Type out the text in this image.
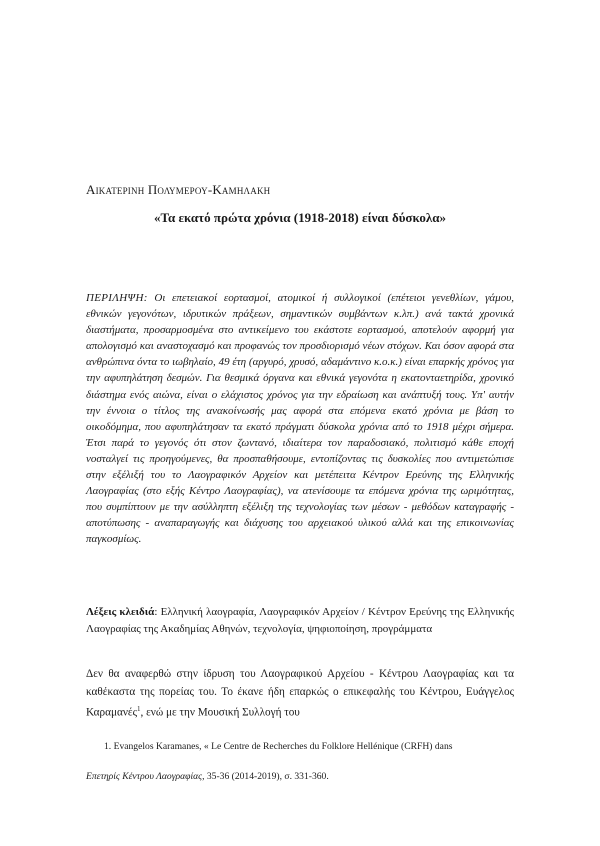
Αικατερινη Πολυμερου-Καμηλακη
«Τα εκατό πρώτα χρόνια (1918-2018) είναι δύσκολα»
ΠΕΡΙΛΗΨΗ: Οι επετειακοί εορτασμοί, ατομικοί ή συλλογικοί (επέτειοι γενεθλίων, γάμου, εθνικών γεγονότων, ιδρυτικών πράξεων, σημαντικών συμβάντων κ.λπ.) ανά τακτά χρονικά διαστήματα, προσαρμοσμένα στο αντικείμενο του εκάστοτε εορτασμού, αποτελούν αφορμή για απολογισμό και αναστοχασμό και προφανώς τον προσδιορισμό νέων στόχων. Και όσον αφορά στα ανθρώπινα όντα το ιωβηλαίο, 49 έτη (αργυρό, χρυσό, αδαμάντινο κ.ο.κ.) είναι επαρκής χρόνος για την αφυπηλάτηση δεσμών. Για θεσμικά όργανα και εθνικά γεγονότα η εκατονταετηρίδα, χρονικό διάστημα ενός αιώνα, είναι ο ελάχιστος χρόνος για την εδραίωση και ανάπτυξή τους. Υπ' αυτήν την έννοια ο τίτλος της ανακοίνωσής μας αφορά στα επόμενα εκατό χρόνια με βάση το οικοδόμημα, που αφυπηλάτησαν τα εκατό πράγματι δύσκολα χρόνια από το 1918 μέχρι σήμερα. Έτσι παρά το γεγονός ότι στον ζωντανό, ιδιαίτερα τον παραδοσιακό, πολιτισμό κάθε εποχή νοσταλγεί τις προηγούμενες, θα προσπαθήσουμε, εντοπίζοντας τις δυσκολίες που αντιμετώπισε στην εξέλιξή του το Λαογραφικόν Αρχείον και μετέπειτα Κέντρον Ερεύνης της Ελληνικής Λαογραφίας (στο εξής Κέντρο Λαογραφίας), να ατενίσουμε τα επόμενα χρόνια της ωριμότητας, που συμπίπτουν με την ασύλληπτη εξέλιξη της τεχνολογίας των μέσων - μεθόδων καταγραφής - αποτύπωσης - αναπαραγωγής και διάχυσης του αρχειακού υλικού αλλά και της επικοινωνίας παγκοσμίως.
Λέξεις κλειδιά: Ελληνική λαογραφία, Λαογραφικόν Αρχείον / Κέντρον Ερεύνης της Ελληνικής Λαογραφίας της Ακαδημίας Αθηνών, τεχνολογία, ψηφιοποίηση, προγράμματα
Δεν θα αναφερθώ στην ίδρυση του Λαογραφικού Αρχείου - Κέντρου Λαογραφίας και τα καθέκαστα της πορείας του. Το έκανε ήδη επαρκώς ο επικεφαλής του Κέντρου, Ευάγγελος Καραμανές$^1$, ενώ με την Μουσική Συλλογή του
1. Evangelos Karamanes, « Le Centre de Recherches du Folklore Hellénique (CRFH) dans
Επετηρίς Κέντρου Λαογραφίας, 35-36 (2014-2019), σ. 331-360.
